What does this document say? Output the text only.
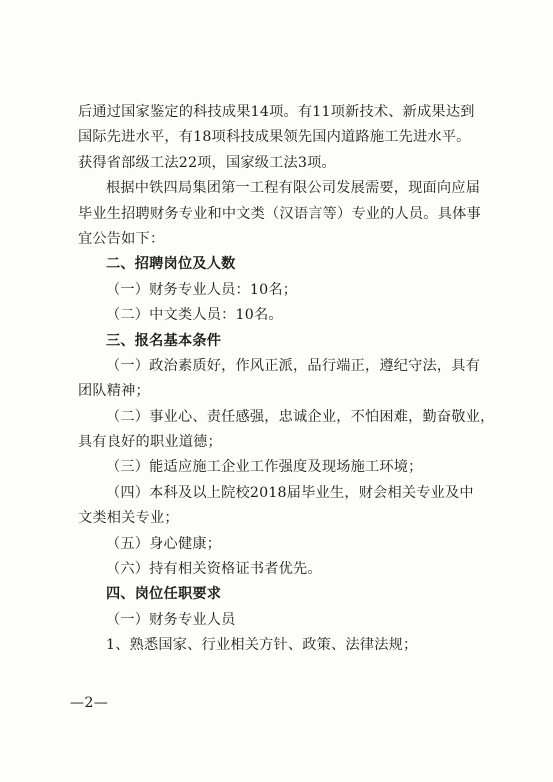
后通过国家鉴定的科技成果14项。有11项新技术、新成果达到
国际先进水平，有18项科技成果领先国内道路施工先进水平。
获得省部级工法22项，国家级工法3项。
根据中铁四局集团第一工程有限公司发展需要，现面向应届
毕业生招聘财务专业和中文类（汉语言等）专业的人员。具体事
宜公告如下：
二、招聘岗位及人数
（一）财务专业人员：10名；
（二）中文类人员：10名。
三、报名基本条件
（一）政治素质好，作风正派，品行端正，遵纪守法，具有
团队精神；
（二）事业心、责任感强，忠诚企业，不怕困难，勤奋敬业，
具有良好的职业道德；
（三）能适应施工企业工作强度及现场施工环境；
（四）本科及以上院校2018届毕业生，财会相关专业及中
文类相关专业；
（五）身心健康；
（六）持有相关资格证书者优先。
四、岗位任职要求
（一）财务专业人员
1、熟悉国家、行业相关方针、政策、法律法规；
—2—
